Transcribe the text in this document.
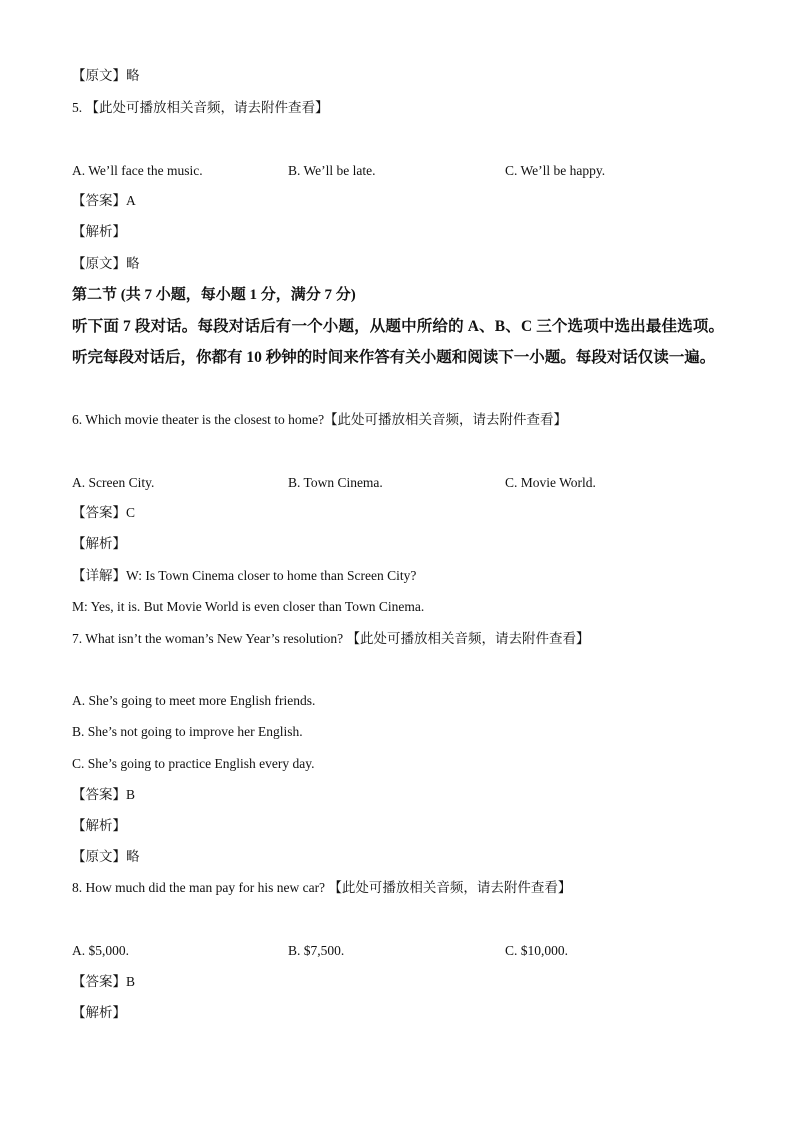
【原文】略

5. 【此处可播放相关音频，请去附件查看】

A. We’ll face the music.	B. We’ll be late.	C. We’ll be happy.

【答案】A

【解析】

【原文】略

第二节 (共 7 小题，每小题 1 分，满分 7 分)

听下面 7 段对话。每段对话后有一个小题，从题中所给的 A、B、C 三个选项中选出最佳选项。听完每段对话后，你都有 10 秒钟的时间来作答有关小题和阅读下一小题。每段对话仅读一遍。

6. Which movie theater is the closest to home?【此处可播放相关音频，请去附件查看】

A. Screen City.	B. Town Cinema.	C. Movie World.

【答案】C

【解析】

【详解】W: Is Town Cinema closer to home than Screen City?

M: Yes, it is. But Movie World is even closer than Town Cinema.

7. What isn’t the woman’s New Year’s resolution? 【此处可播放相关音频，请去附件查看】

A. She’s going to meet more English friends.

B. She’s not going to improve her English.

C. She’s going to practice English every day.

【答案】B

【解析】

【原文】略

8. How much did the man pay for his new car? 【此处可播放相关音频，请去附件查看】

A. $5,000.	B. $7,500.	C. $10,000.

【答案】B

【解析】
